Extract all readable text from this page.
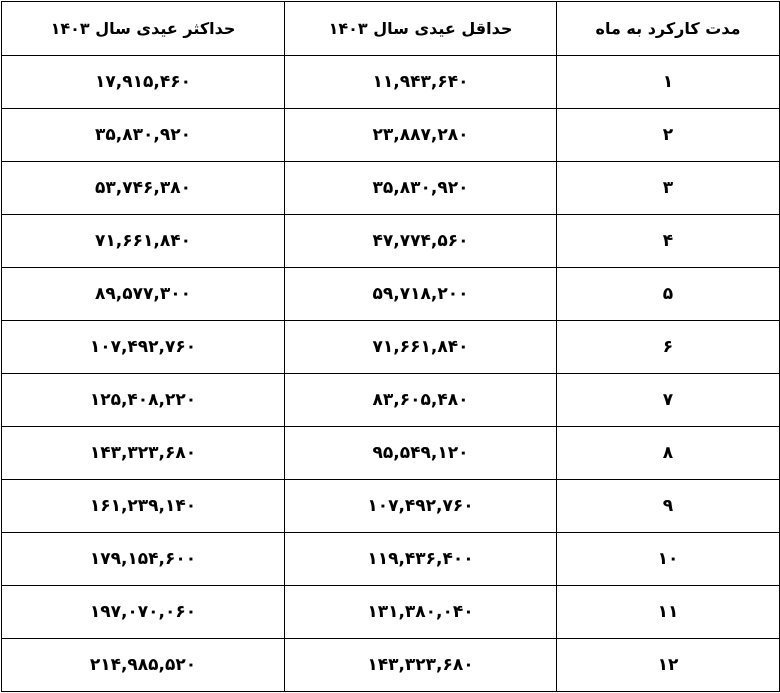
مدت کارکرد به ماه	حداقل عیدی سال ۱۴۰۳	حداکثر عیدی سال ۱۴۰۳
۱	۱۱,۹۴۳,۶۴۰	۱۷,۹۱۵,۴۶۰
۲	۲۳,۸۸۷,۲۸۰	۳۵,۸۳۰,۹۲۰
۳	۳۵,۸۳۰,۹۲۰	۵۳,۷۴۶,۳۸۰
۴	۴۷,۷۷۴,۵۶۰	۷۱,۶۶۱,۸۴۰
۵	۵۹,۷۱۸,۲۰۰	۸۹,۵۷۷,۳۰۰
۶	۷۱,۶۶۱,۸۴۰	۱۰۷,۴۹۲,۷۶۰
۷	۸۳,۶۰۵,۴۸۰	۱۲۵,۴۰۸,۲۲۰
۸	۹۵,۵۴۹,۱۲۰	۱۴۳,۳۲۳,۶۸۰
۹	۱۰۷,۴۹۲,۷۶۰	۱۶۱,۲۳۹,۱۴۰
۱۰	۱۱۹,۴۳۶,۴۰۰	۱۷۹,۱۵۴,۶۰۰
۱۱	۱۳۱,۳۸۰,۰۴۰	۱۹۷,۰۷۰,۰۶۰
۱۲	۱۴۳,۳۲۳,۶۸۰	۲۱۴,۹۸۵,۵۲۰
